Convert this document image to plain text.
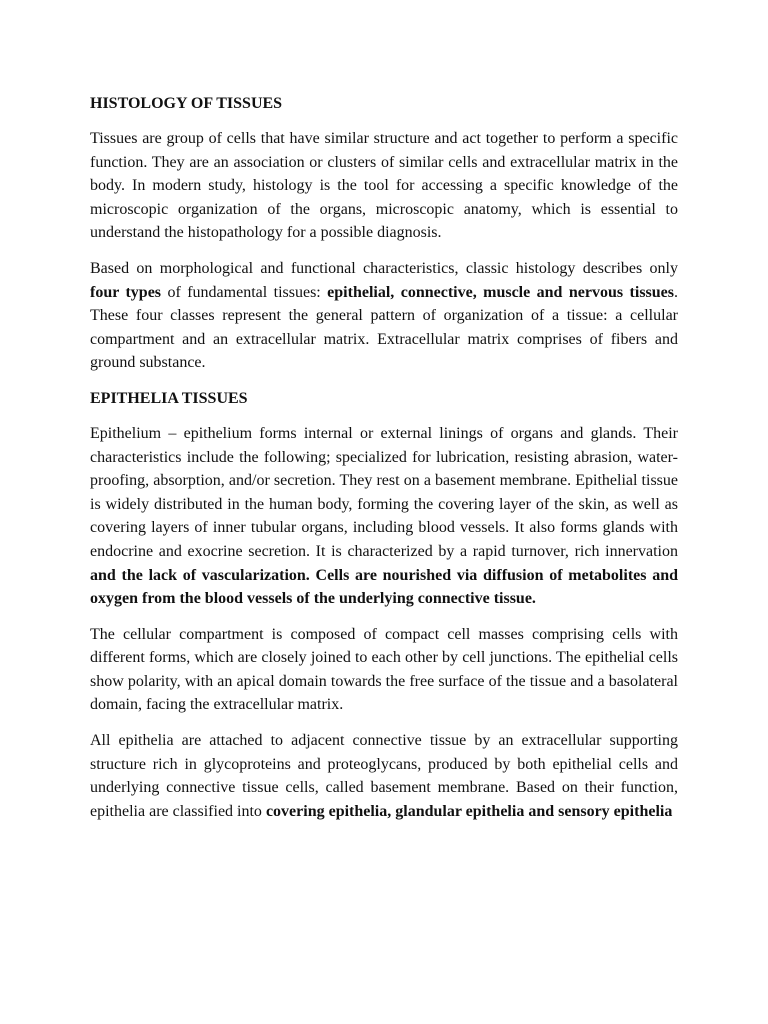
HISTOLOGY OF TISSUES

Tissues are group of cells that have similar structure and act together to perform a specific function. They are an association or clusters of similar cells and extracellular matrix in the body. In modern study, histology is the tool for accessing a specific knowledge of the microscopic organization of the organs, microscopic anatomy, which is essential to understand the histopathology for a possible diagnosis.

Based on morphological and functional characteristics, classic histology describes only four types of fundamental tissues: epithelial, connective, muscle and nervous tissues. These four classes represent the general pattern of organization of a tissue: a cellular compartment and an extracellular matrix. Extracellular matrix comprises of fibers and ground substance.

EPITHELIA TISSUES

Epithelium – epithelium forms internal or external linings of organs and glands. Their characteristics include the following; specialized for lubrication, resisting abrasion, water-proofing, absorption, and/or secretion. They rest on a basement membrane. Epithelial tissue is widely distributed in the human body, forming the covering layer of the skin, as well as covering layers of inner tubular organs, including blood vessels. It also forms glands with endocrine and exocrine secretion. It is characterized by a rapid turnover, rich innervation and the lack of vascularization. Cells are nourished via diffusion of metabolites and oxygen from the blood vessels of the underlying connective tissue.

The cellular compartment is composed of compact cell masses comprising cells with different forms, which are closely joined to each other by cell junctions. The epithelial cells show polarity, with an apical domain towards the free surface of the tissue and a basolateral domain, facing the extracellular matrix.

All epithelia are attached to adjacent connective tissue by an extracellular supporting structure rich in glycoproteins and proteoglycans, produced by both epithelial cells and underlying connective tissue cells, called basement membrane. Based on their function, epithelia are classified into covering epithelia, glandular epithelia and sensory epithelia
